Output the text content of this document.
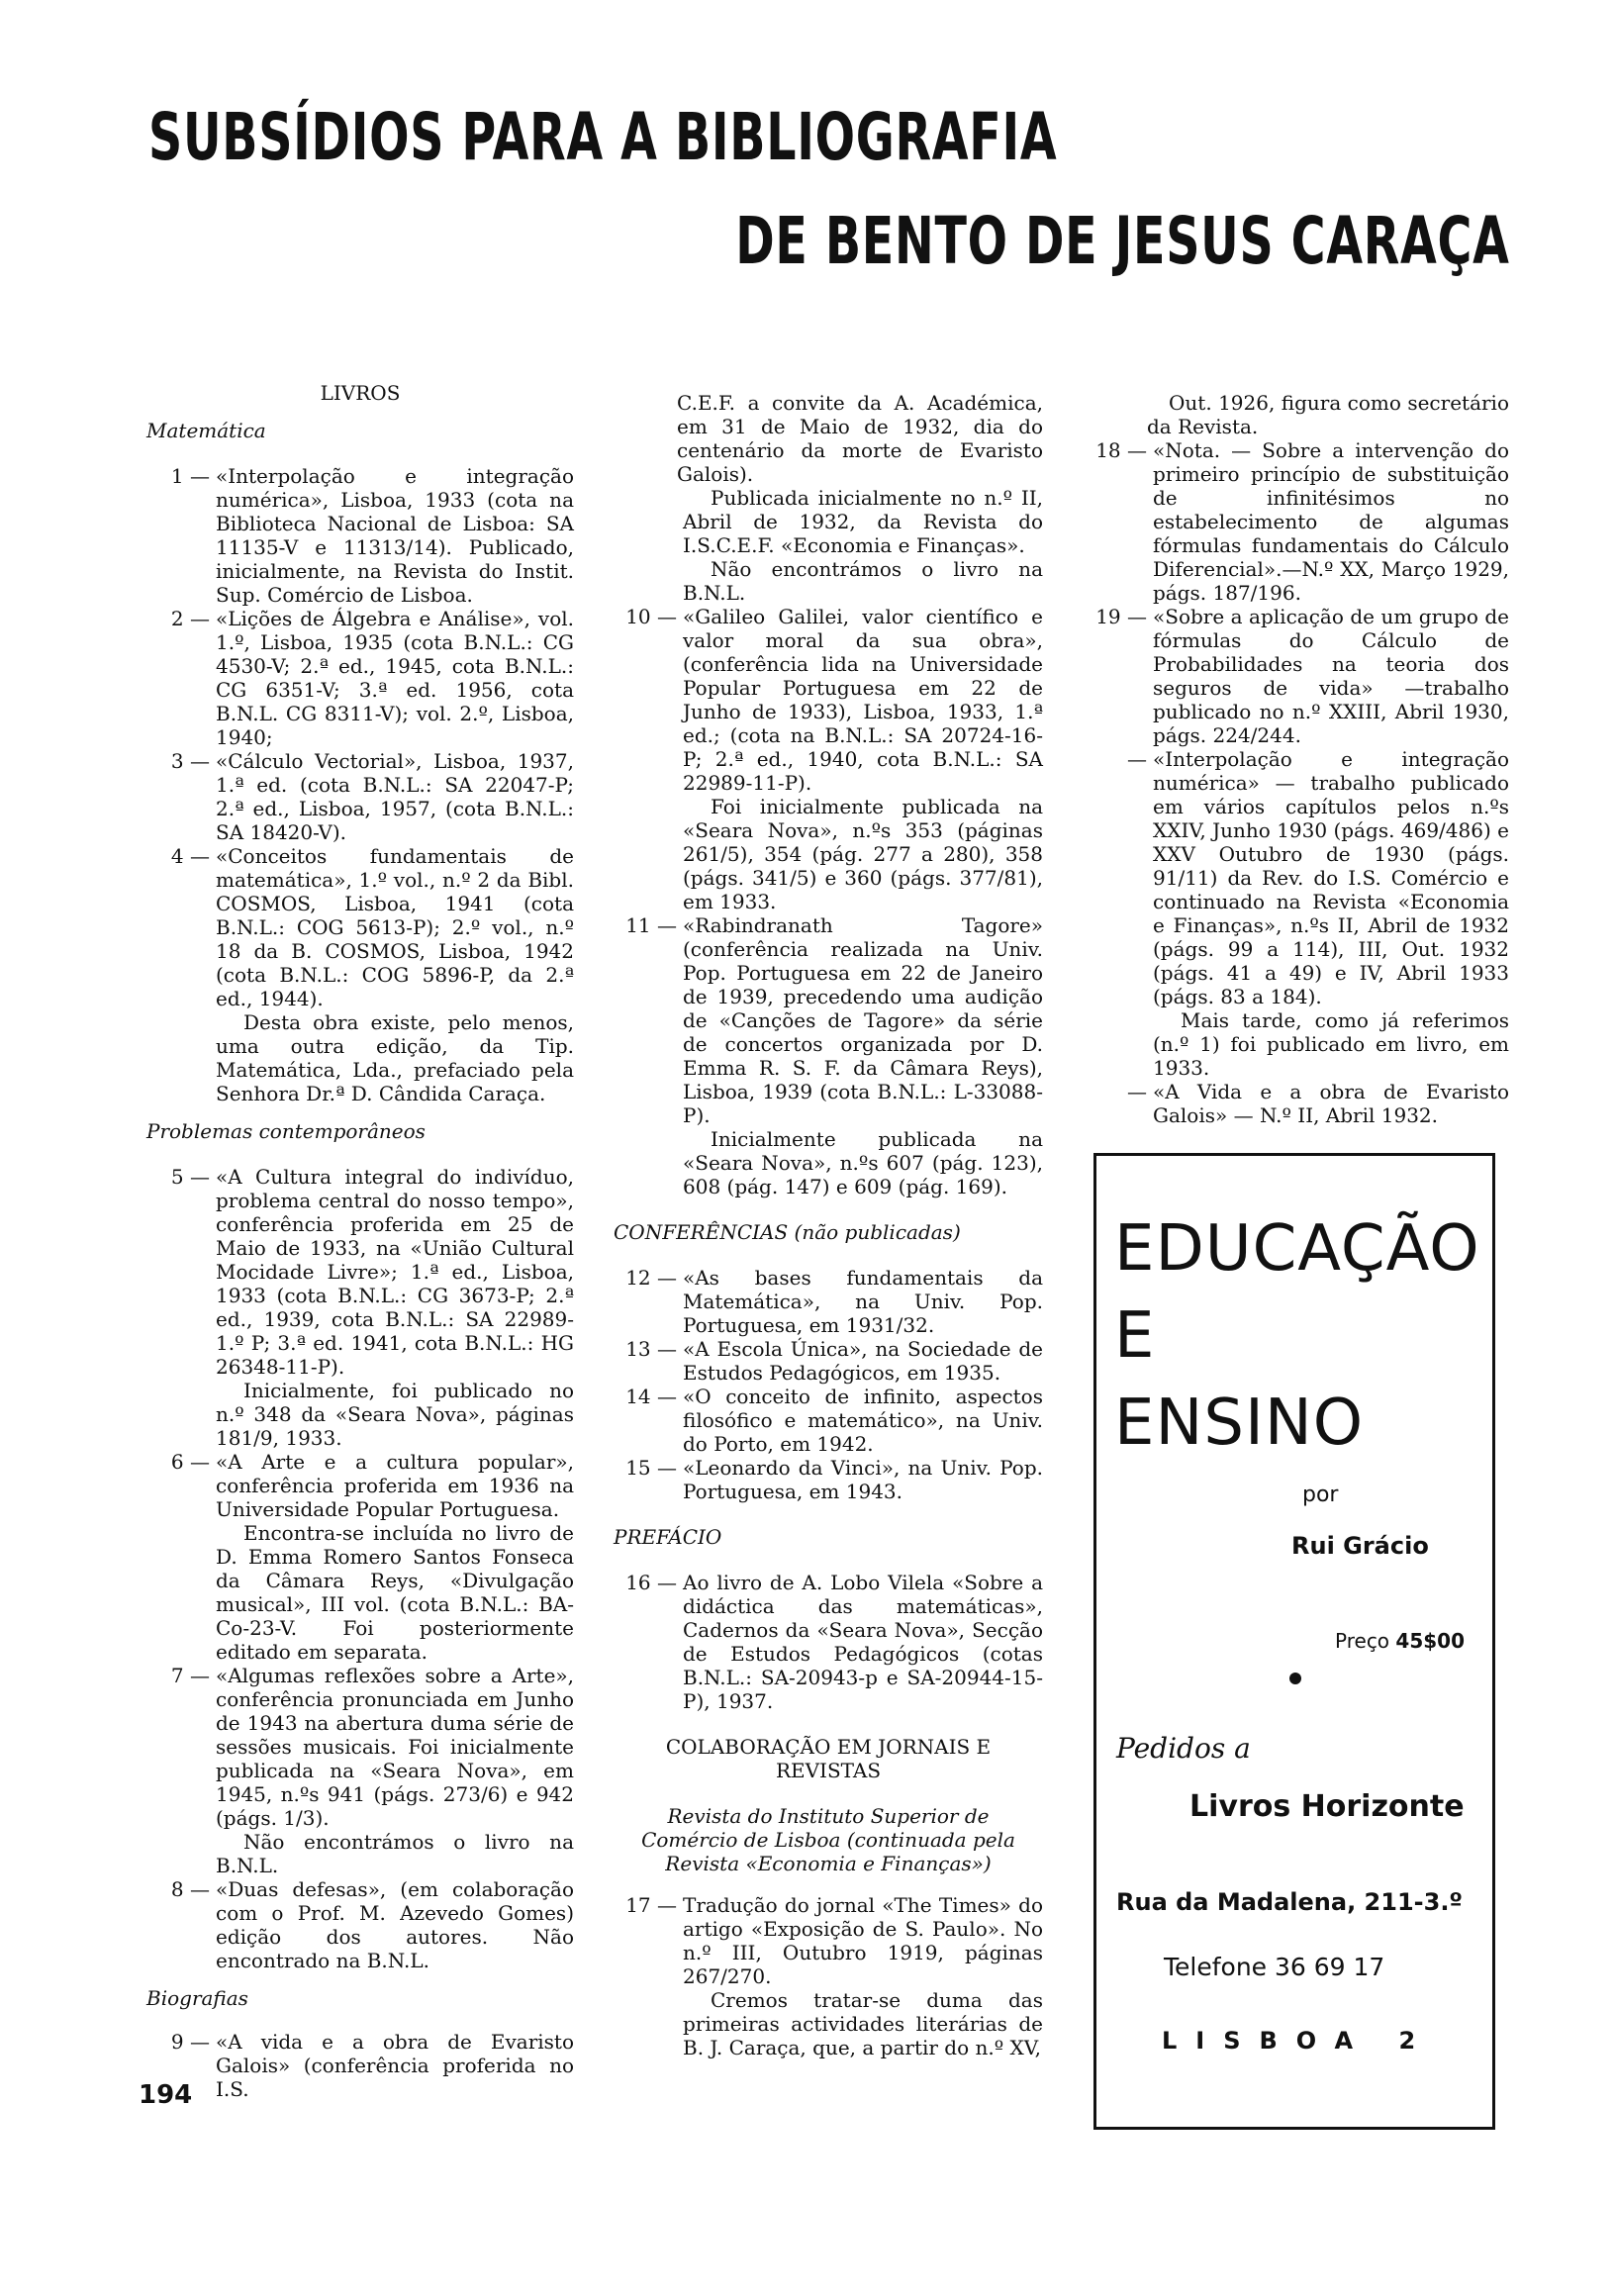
SUBSÍDIOS PARA A BIBLIOGRAFIA
DE BENTO DE JESUS CARAÇA
LIVROS
Matemática
1 — «Interpolação e integração numérica», Lisboa, 1933 (cota na Biblioteca Nacional de Lisboa: SA 11135-V e 11313/14). Publicado, inicialmente, na Revista do Instit. Sup. Comércio de Lisboa.
2 — «Lições de Álgebra e Análise», vol. 1.º, Lisboa, 1935 (cota B.N.L.: CG 4530-V; 2.ª ed., 1945, cota B.N.L.: CG 6351-V; 3.ª ed. 1956, cota B.N.L. CG 8311-V); vol. 2.º, Lisboa, 1940;
3 — «Cálculo Vectorial», Lisboa, 1937, 1.ª ed. (cota B.N.L.: SA 22047-P; 2.ª ed., Lisboa, 1957, (cota B.N.L.: SA 18420-V).
4 — «Conceitos fundamentais de matemática», 1.º vol., n.º 2 da Bibl. COSMOS, Lisboa, 1941 (cota B.N.L.: COG 5613-P); 2.º vol., n.º 18 da B. COSMOS, Lisboa, 1942 (cota B.N.L.: COG 5896-P, da 2.ª ed., 1944).
Desta obra existe, pelo menos, uma outra edição, da Tip. Matemática, Lda., prefaciado pela Senhora Dr.ª D. Cândida Caraça.
Problemas contemporâneos
5 — «A Cultura integral do indivíduo, problema central do nosso tempo», conferência proferida em 25 de Maio de 1933, na «União Cultural Mocidade Livre»; 1.ª ed., Lisboa, 1933 (cota B.N.L.: CG 3673-P; 2.ª ed., 1939, cota B.N.L.: SA 22989-1.º P; 3.ª ed. 1941, cota B.N.L.: HG 26348-11-P).
Inicialmente, foi publicado no n.º 348 da «Seara Nova», páginas 181/9, 1933.
6 — «A Arte e a cultura popular», conferência proferida em 1936 na Universidade Popular Portuguesa.
Encontra-se incluída no livro de D. Emma Romero Santos Fonseca da Câmara Reys, «Divulgação musical», III vol. (cota B.N.L.: BA-Co-23-V. Foi posteriormente editado em separata.
7 — «Algumas reflexões sobre a Arte», conferência pronunciada em Junho de 1943 na abertura duma série de sessões musicais. Foi inicialmente publicada na «Seara Nova», em 1945, n.ºs 941 (págs. 273/6) e 942 (págs. 1/3).
Não encontrámos o livro na B.N.L.
8 — «Duas defesas», (em colaboração com o Prof. M. Azevedo Gomes) edição dos autores. Não encontrado na B.N.L.
Biografias
9 — «A vida e a obra de Evaristo Galois» (conferência proferida no I.S.
C.E.F. a convite da A. Académica, em 31 de Maio de 1932, dia do centenário da morte de Evaristo Galois).
Publicada inicialmente no n.º II, Abril de 1932, da Revista do I.S.C.E.F. «Economia e Finanças».
Não encontrámos o livro na B.N.L.
10 — «Galileo Galilei, valor científico e valor moral da sua obra», (conferência lida na Universidade Popular Portuguesa em 22 de Junho de 1933), Lisboa, 1933, 1.ª ed.; (cota na B.N.L.: SA 20724-16-P; 2.ª ed., 1940, cota B.N.L.: SA 22989-11-P).
Foi inicialmente publicada na «Seara Nova», n.ºs 353 (páginas 261/5), 354 (pág. 277 a 280), 358 (págs. 341/5) e 360 (págs. 377/81), em 1933.
11 — «Rabindranath Tagore» (conferência realizada na Univ. Pop. Portuguesa em 22 de Janeiro de 1939, precedendo uma audição de «Canções de Tagore» da série de concertos organizada por D. Emma R. S. F. da Câmara Reys), Lisboa, 1939 (cota B.N.L.: L-33088-P).
Inicialmente publicada na «Seara Nova», n.ºs 607 (pág. 123), 608 (pág. 147) e 609 (pág. 169).
CONFERÊNCIAS (não publicadas)
12 — «As bases fundamentais da Matemática», na Univ. Pop. Portuguesa, em 1931/32.
13 — «A Escola Única», na Sociedade de Estudos Pedagógicos, em 1935.
14 — «O conceito de infinito, aspectos filosófico e matemático», na Univ. do Porto, em 1942.
15 — «Leonardo da Vinci», na Univ. Pop. Portuguesa, em 1943.
PREFÁCIO
16 — Ao livro de A. Lobo Vilela «Sobre a didáctica das matemáticas», Cadernos da «Seara Nova», Secção de Estudos Pedagógicos (cotas B.N.L.: SA-20943-p e SA-20944-15-P), 1937.
COLABORAÇÃO EM JORNAIS E REVISTAS
Revista do Instituto Superior de Comércio de Lisboa (continuada pela Revista «Economia e Finanças»)
17 — Tradução do jornal «The Times» do artigo «Exposição de S. Paulo». No n.º III, Outubro 1919, páginas 267/270.
Cremos tratar-se duma das primeiras actividades literárias de B. J. Caraça, que, a partir do n.º XV,
Out. 1926, figura como secretário da Revista.
18 — «Nota. — Sobre a intervenção do primeiro princípio de substituição de infinitésimos no estabelecimento de algumas fórmulas fundamentais do Cálculo Diferencial».—N.º XX, Março 1929, págs. 187/196.
19 — «Sobre a aplicação de um grupo de fórmulas do Cálculo de Probabilidades na teoria dos seguros de vida» —trabalho publicado no n.º XXIII, Abril 1930, págs. 224/244.
— «Interpolação e integração numérica» — trabalho publicado em vários capítulos pelos n.ºs XXIV, Junho 1930 (págs. 469/486) e XXV Outubro de 1930 (págs. 91/11) da Rev. do I.S. Comércio e continuado na Revista «Economia e Finanças», n.ºs II, Abril de 1932 (págs. 99 a 114), III, Out. 1932 (págs. 41 a 49) e IV, Abril 1933 (págs. 83 a 184).
Mais tarde, como já referimos (n.º 1) foi publicado em livro, em 1933.
— «A Vida e a obra de Evaristo Galois» — N.º II, Abril 1932.
EDUCAÇÃO
E
ENSINO
por
Rui Grácio
Preço 45$00
Pedidos a
Livros Horizonte
Rua da Madalena, 211-3.º
Telefone 36 69 17
LISBOA 2
194
